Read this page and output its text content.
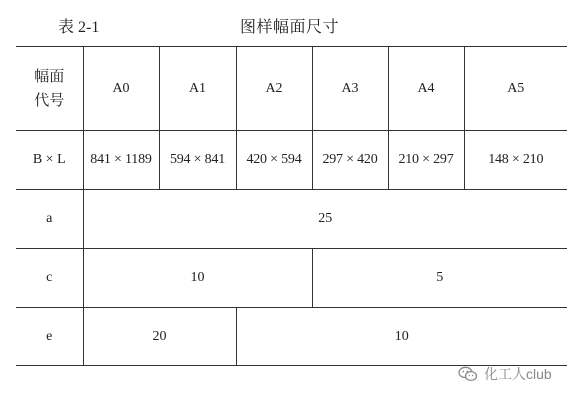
表 2-1	图样幅面尺寸
幅面
代号	A0	A1	A2	A3	A4	A5
B × L	841 × 1189	594 × 841	420 × 594	297 × 420	210 × 297	148 × 210
a	25					
c	10			5		
e	20		10			
化工人club
